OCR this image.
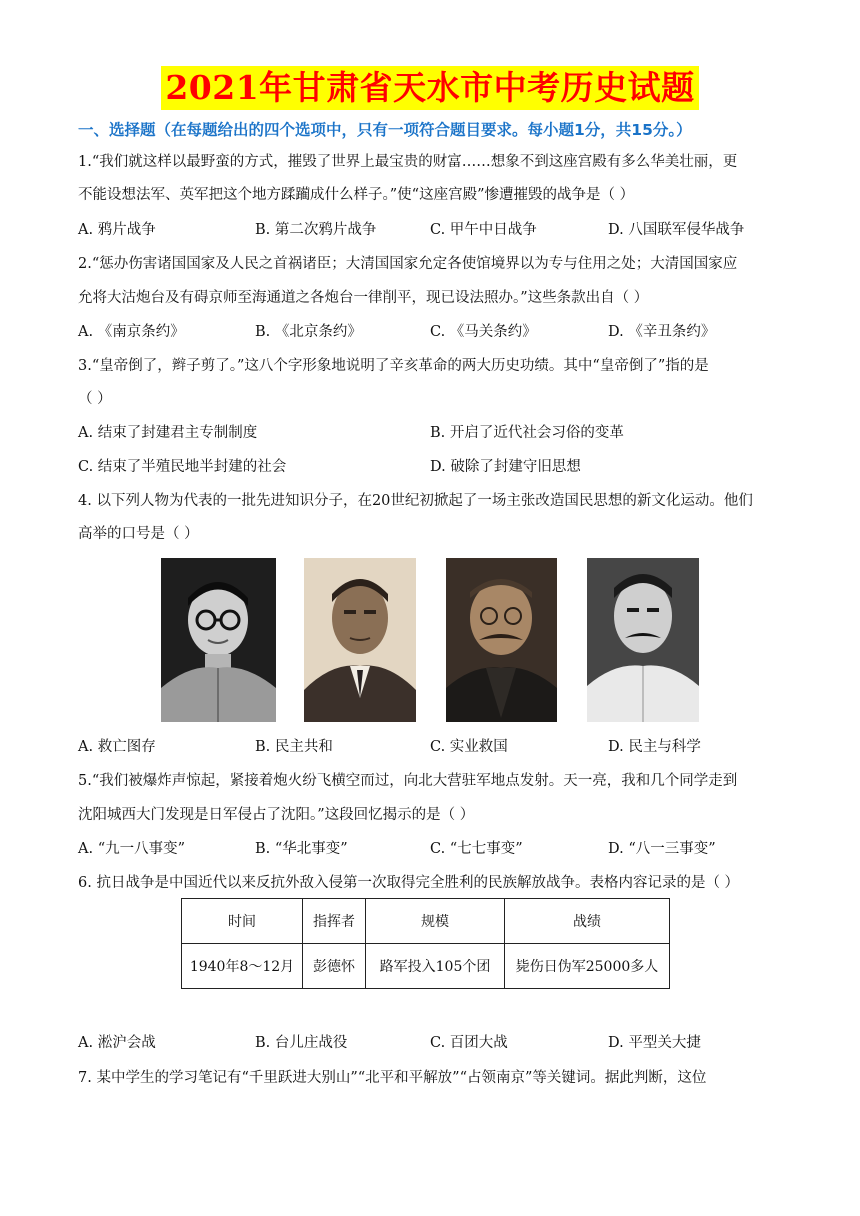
2021年甘肃省天水市中考历史试题
一、选择题（在每题给出的四个选项中，只有一项符合题目要求。每小题1分，共15分。）
1.“我们就这样以最野蛮的方式，摧毁了世界上最宝贵的财富……想象不到这座宫殿有多么华美壮丽，更
不能设想法军、英军把这个地方蹂躏成什么样子。”使“这座宫殿”惨遭摧毁的战争是（ ）
A. 鸦片战争	B. 第二次鸦片战争	C. 甲午中日战争	D. 八国联军侵华战争
2.“惩办伤害诸国国家及人民之首祸诸臣；大清国国家允定各使馆境界以为专与住用之处；大清国国家应
允将大沽炮台及有碍京师至海通道之各炮台一律削平，现已设法照办。”这些条款出自（ ）
A. 《南京条约》	B. 《北京条约》	C. 《马关条约》	D. 《辛丑条约》
3.“皇帝倒了，辫子剪了。”这八个字形象地说明了辛亥革命的两大历史功绩。其中“皇帝倒了”指的是
（ ）
A. 结束了封建君主专制制度	B. 开启了近代社会习俗的变革
C. 结束了半殖民地半封建的社会	D. 破除了封建守旧思想
4. 以下列人物为代表的一批先进知识分子，在20世纪初掀起了一场主张改造国民思想的新文化运动。他们
高举的口号是（ ）
A. 救亡图存	B. 民主共和	C. 实业救国	D. 民主与科学
5.“我们被爆炸声惊起，紧接着炮火纷飞横空而过，向北大营驻军地点发射。天一亮，我和几个同学走到
沈阳城西大门发现是日军侵占了沈阳。”这段回忆揭示的是（ ）
A. “九一八事变”	B. “华北事变”	C. “七七事变”	D. “八一三事变”
6. 抗日战争是中国近代以来反抗外敌入侵第一次取得完全胜利的民族解放战争。表格内容记录的是（ ）
时间	指挥者	规模	战绩
1940年8～12月	彭德怀	路军投入105个团	毙伤日伪军25000多人
A. 淞沪会战	B. 台儿庄战役	C. 百团大战	D. 平型关大捷
7. 某中学生的学习笔记有“千里跃进大别山”“北平和平解放”“占领南京”等关键词。据此判断，这位
